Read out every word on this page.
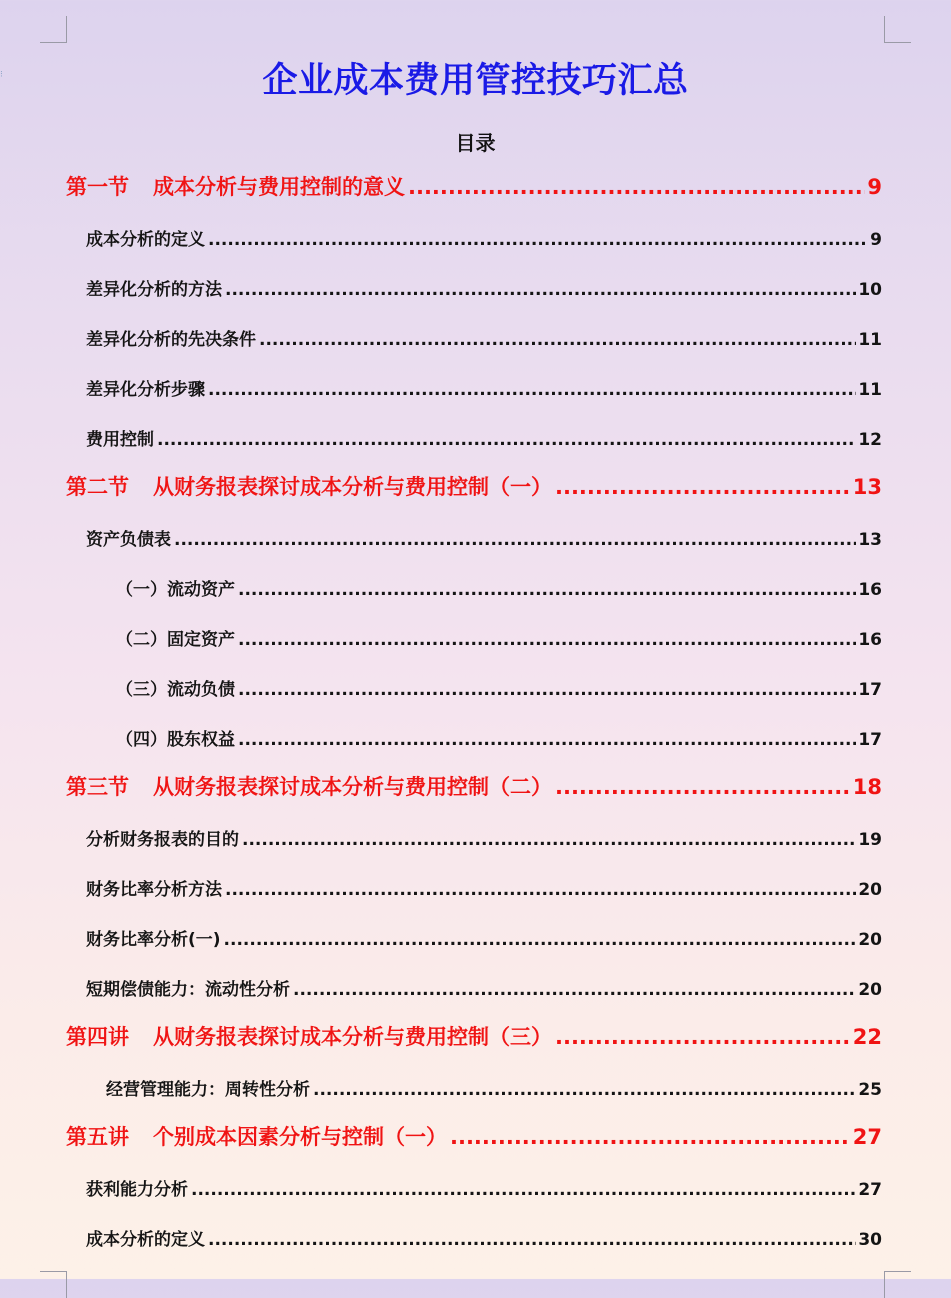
⁝	企业成本费用管控技巧汇总
目录
第一节 成本分析与费用控制的意义 .....	9
成本分析的定义 .....	9
差异化分析的方法 .....	10
差异化分析的先决条件 .....	11
差异化分析步骤 .....	11
费用控制 .....	12
第二节 从财务报表探讨成本分析与费用控制（一） .....	13
资产负债表 .....	13
（一）流动资产 .....	16
（二）固定资产 .....	16
（三）流动负债 .....	17
（四）股东权益 .....	17
第三节 从财务报表探讨成本分析与费用控制（二） .....	18
分析财务报表的目的 .....	19
财务比率分析方法 .....	20
财务比率分析(一) .....	20
短期偿债能力：流动性分析 .....	20
第四讲 从财务报表探讨成本分析与费用控制（三） .....	22
经营管理能力：周转性分析 .....	25
第五讲 个别成本因素分析与控制（一） .....	27
获利能力分析 .....	27
成本分析的定义 .....	30
